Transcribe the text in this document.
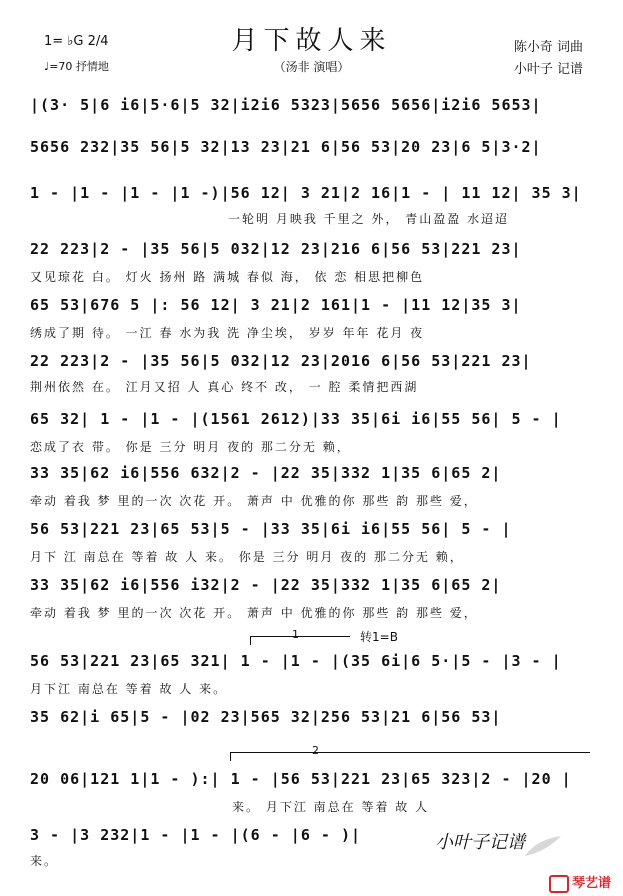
月下故人来
（汤非 演唱）
1= ♭G 2/4
♩=70 抒情地
陈小奇 词曲
小叶子 记谱
|(3· 5|6 i6|5·6|5 32|i2i6 5323|5656 5656|i2i6 5653|
5656 232|35 56|5 32|13 23|21 6|56 53|20 23|6 5|3·2|
1 - |1 - |1 - |1 -)|56 12| 3 21|2 16|1 - | 11 12| 35 3|
一轮明 月映我 千里之 外， 青山盈盈 水迢迢
22 223|2 - |35 56|5 032|12 23|216 6|56 53|221 23|
又见琼花 白。 灯火 扬州 路 满城 春似 海， 依 恋 相思把柳色
65 53|676 5 |: 56 12| 3 21|2 161|1 - |11 12|35 3|
绣成了期 待。 一江 春 水为我 洗 净尘埃， 岁岁 年年 花月 夜
22 223|2 - |35 56|5 032|12 23|2016 6|56 53|221 23|
荆州依然 在。 江月又招 人 真心 终不 改， 一 腔 柔情把西湖
65 32| 1 - |1 - |(1561 2612)|33 35|6i i6|55 56| 5 - |
恋成了衣 带。 你是 三分 明月 夜的 那二分无 赖，
33 35|62 i6|556 632|2 - |22 35|332 1|35 6|65 2|
牵动 着我 梦 里的一次 次花 开。 萧声 中 优雅的你 那些 韵 那些 爱，
56 53|221 23|65 53|5 - |33 35|6i i6|55 56| 5 - |
月下 江 南总在 等着 故 人 来。 你是 三分 明月 夜的 那二分无 赖，
33 35|62 i6|556 i32|2 - |22 35|332 1|35 6|65 2|
牵动 着我 梦 里的一次 次花 开。 萧声 中 优雅的你 那些 韵 那些 爱，
1	转1=B
56 53|221 23|65 321| 1 - |1 - |(35 6i|6 5·|5 - |3 - |
月下江 南总在 等着 故 人 来。
35 62|i 65|5 - |02 23|565 32|256 53|21 6|56 53|
2
20 06|121 1|1 - ):| 1 - |56 53|221 23|65 323|2 - |20 |
来。 月下江 南总在 等着 故 人
3 - |3 232|1 - |1 - |(6 - |6 - )|
来。
小叶子记谱
琴艺谱
